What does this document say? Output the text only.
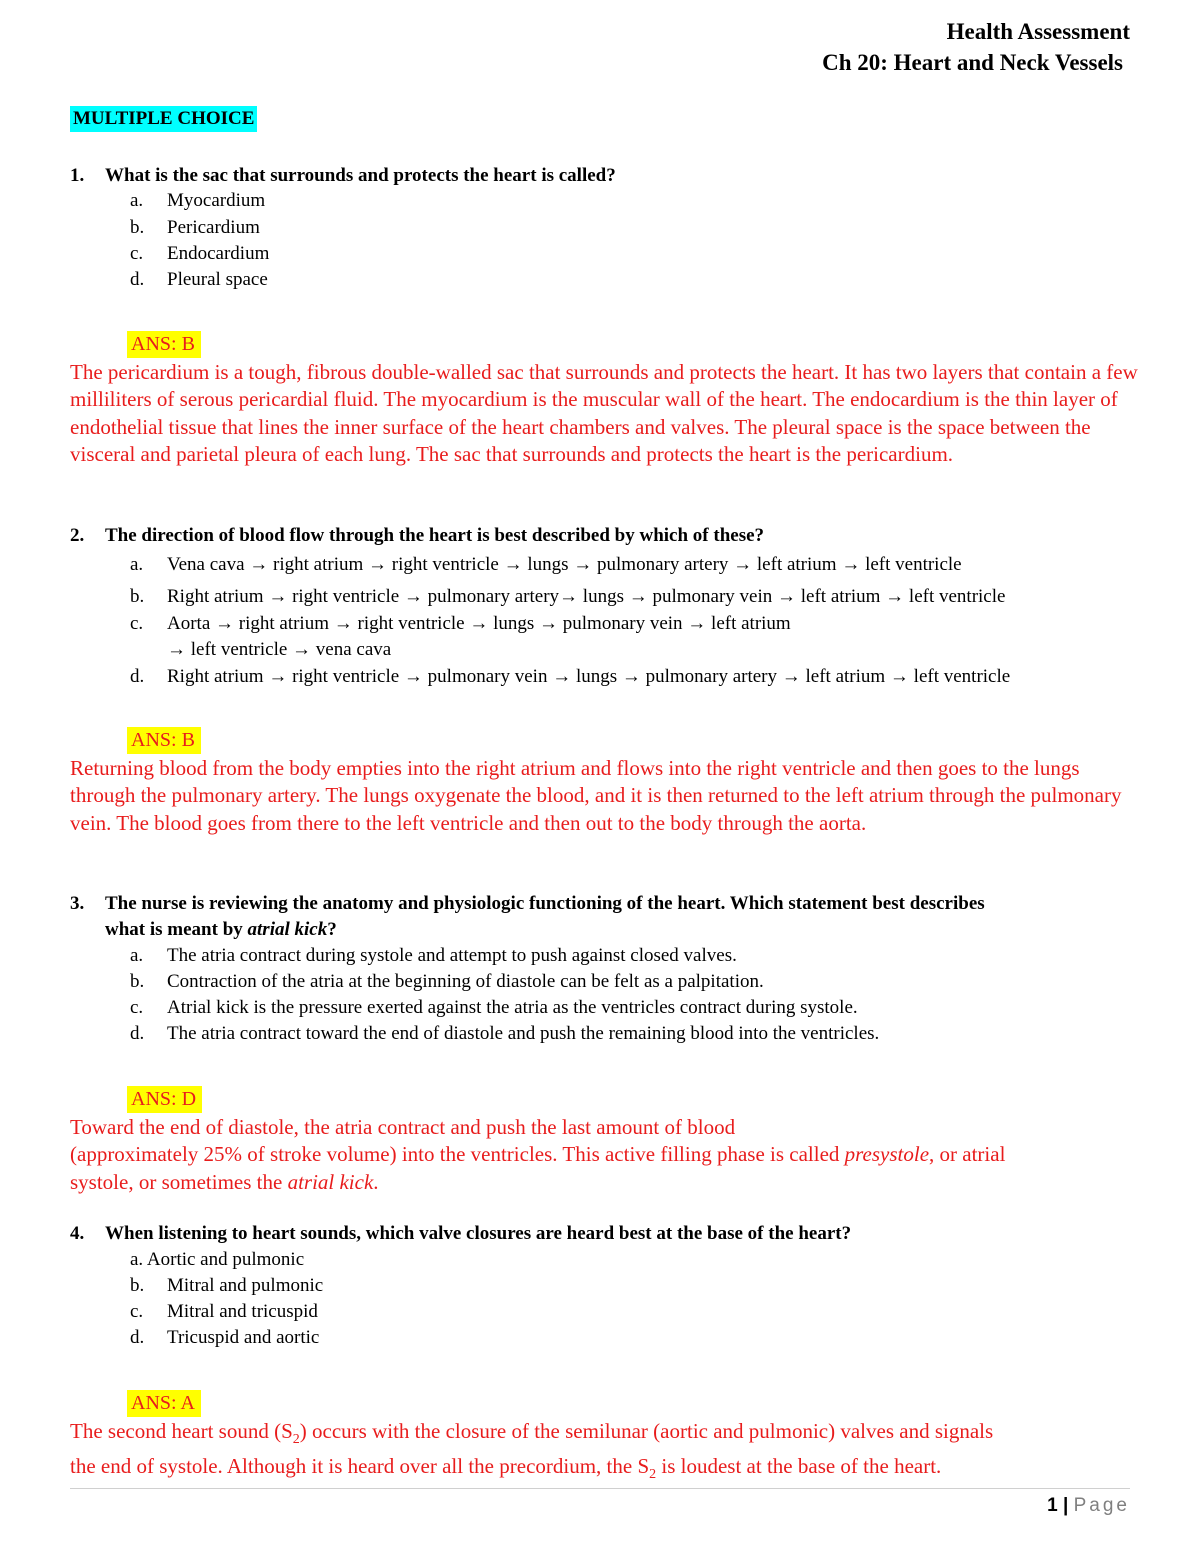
Health Assessment
Ch 20: Heart and Neck Vessels
MULTIPLE CHOICE
1. What is the sac that surrounds and protects the heart is called?
a. Myocardium
b. Pericardium
c. Endocardium
d. Pleural space
ANS: B
The pericardium is a tough, fibrous double-walled sac that surrounds and protects the heart. It has two layers that contain a few milliliters of serous pericardial fluid. The myocardium is the muscular wall of the heart. The endocardium is the thin layer of endothelial tissue that lines the inner surface of the heart chambers and valves. The pleural space is the space between the visceral and parietal pleura of each lung. The sac that surrounds and protects the heart is the pericardium.
2. The direction of blood flow through the heart is best described by which of these?
a. Vena cava → right atrium → right ventricle → lungs → pulmonary artery → left atrium → left ventricle
b. Right atrium → right ventricle → pulmonary artery→ lungs → pulmonary vein → left atrium → left ventricle
c. Aorta → right atrium → right ventricle → lungs → pulmonary vein → left atrium
→ left ventricle → vena cava
d. Right atrium → right ventricle → pulmonary vein → lungs → pulmonary artery → left atrium → left ventricle
ANS: B
Returning blood from the body empties into the right atrium and flows into the right ventricle and then goes to the lungs through the pulmonary artery. The lungs oxygenate the blood, and it is then returned to the left atrium through the pulmonary vein. The blood goes from there to the left ventricle and then out to the body through the aorta.
3. The nurse is reviewing the anatomy and physiologic functioning of the heart. Which statement best describes
what is meant by atrial kick?
a. The atria contract during systole and attempt to push against closed valves.
b. Contraction of the atria at the beginning of diastole can be felt as a palpitation.
c. Atrial kick is the pressure exerted against the atria as the ventricles contract during systole.
d. The atria contract toward the end of diastole and push the remaining blood into the ventricles.
ANS: D
Toward the end of diastole, the atria contract and push the last amount of blood
(approximately 25% of stroke volume) into the ventricles. This active filling phase is called presystole, or atrial
systole, or sometimes the atrial kick.
4. When listening to heart sounds, which valve closures are heard best at the base of the heart?
a. Aortic and pulmonic
b. Mitral and pulmonic
c. Mitral and tricuspid
d. Tricuspid and aortic
ANS: A
The second heart sound $(S_2)$ occurs with the closure of the semilunar (aortic and pulmonic) valves and signals
the end of systole. Although it is heard over all the precordium, the $S_2$ is loudest at the base of the heart.
1 | Page
